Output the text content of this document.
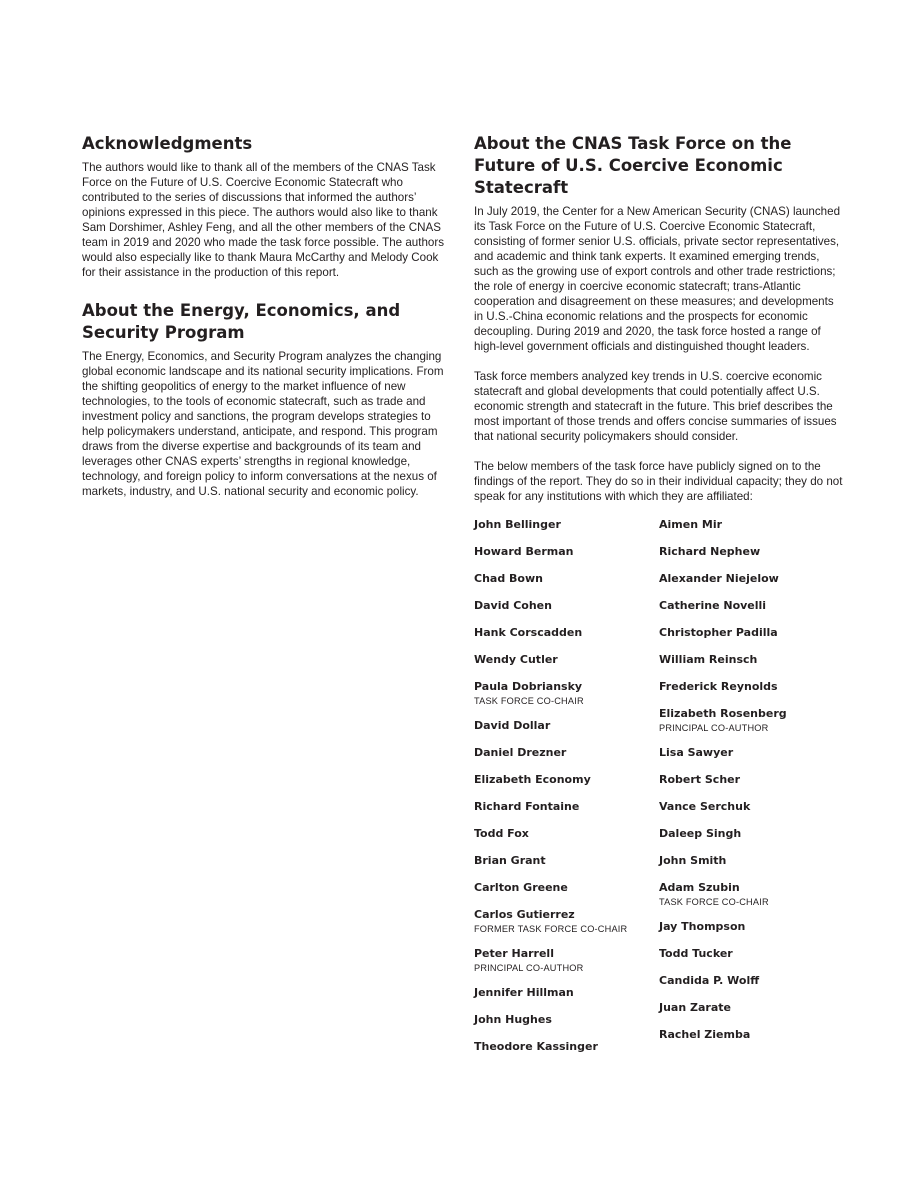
Acknowledgments

The authors would like to thank all of the members of the CNAS Task Force on the Future of U.S. Coercive Economic Statecraft who contributed to the series of discussions that informed the authors’ opinions expressed in this piece. The authors would also like to thank Sam Dorshimer, Ashley Feng, and all the other members of the CNAS team in 2019 and 2020 who made the task force possible. The authors would also especially like to thank Maura McCarthy and Melody Cook for their assistance in the production of this report.

About the Energy, Economics, and Security Program

The Energy, Economics, and Security Program analyzes the changing global economic landscape and its national security implications. From the shifting geopolitics of energy to the market influence of new technologies, to the tools of economic statecraft, such as trade and investment policy and sanctions, the program develops strategies to help policymakers understand, anticipate, and respond. This program draws from the diverse expertise and backgrounds of its team and leverages other CNAS experts’ strengths in regional knowledge, technology, and foreign policy to inform conversations at the nexus of markets, industry, and U.S. national security and economic policy.

About the CNAS Task Force on the Future of U.S. Coercive Economic Statecraft

In July 2019, the Center for a New American Security (CNAS) launched its Task Force on the Future of U.S. Coercive Economic Statecraft, consisting of former senior U.S. officials, private sector representatives, and academic and think tank experts. It examined emerging trends, such as the growing use of export controls and other trade restrictions; the role of energy in coercive economic statecraft; trans-Atlantic cooperation and disagreement on these measures; and developments in U.S.-China economic relations and the prospects for economic decoupling. During 2019 and 2020, the task force hosted a range of high-level government officials and distinguished thought leaders.

Task force members analyzed key trends in U.S. coercive economic statecraft and global developments that could potentially affect U.S. economic strength and statecraft in the future. This brief describes the most important of those trends and offers concise summaries of issues that national security policymakers should consider.

The below members of the task force have publicly signed on to the findings of the report. They do so in their individual capacity; they do not speak for any institutions with which they are affiliated:

John Bellinger
Howard Berman
Chad Bown
David Cohen
Hank Corscadden
Wendy Cutler
Paula Dobriansky
TASK FORCE CO-CHAIR
David Dollar
Daniel Drezner
Elizabeth Economy
Richard Fontaine
Todd Fox
Brian Grant
Carlton Greene
Carlos Gutierrez
FORMER TASK FORCE CO-CHAIR
Peter Harrell
PRINCIPAL CO-AUTHOR
Jennifer Hillman
John Hughes
Theodore Kassinger
Aimen Mir
Richard Nephew
Alexander Niejelow
Catherine Novelli
Christopher Padilla
William Reinsch
Frederick Reynolds
Elizabeth Rosenberg
PRINCIPAL CO-AUTHOR
Lisa Sawyer
Robert Scher
Vance Serchuk
Daleep Singh
John Smith
Adam Szubin
TASK FORCE CO-CHAIR
Jay Thompson
Todd Tucker
Candida P. Wolff
Juan Zarate
Rachel Ziemba
